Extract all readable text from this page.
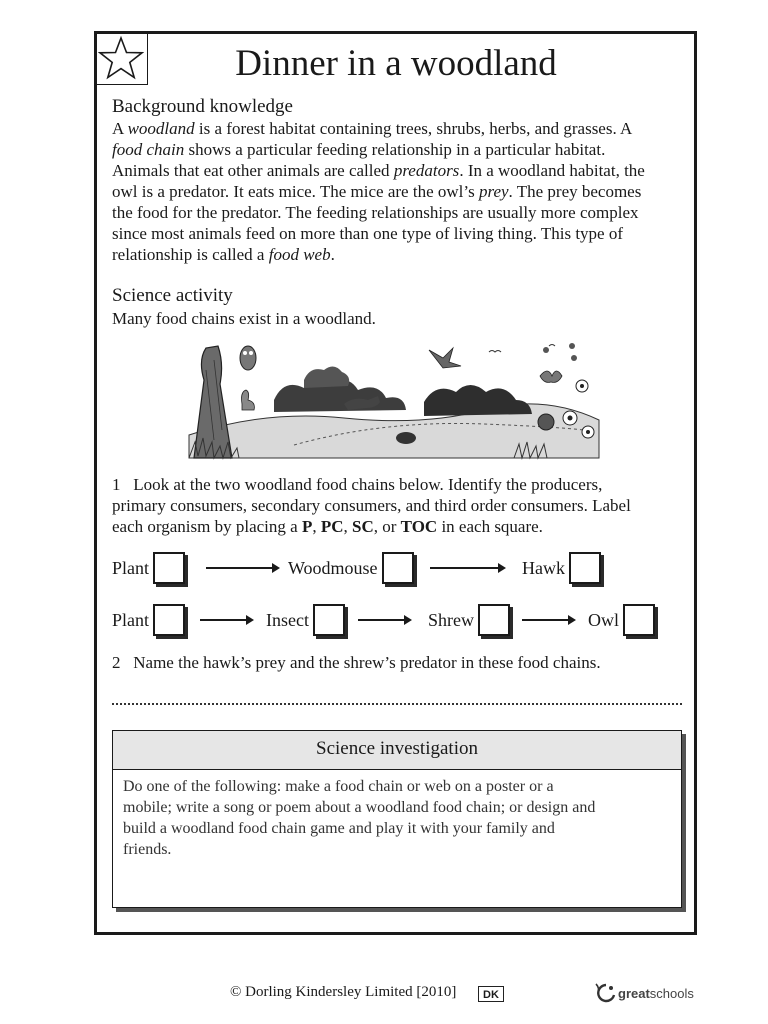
Dinner in a woodland
Background knowledge
A woodland is a forest habitat containing trees, shrubs, herbs, and grasses. A
food chain shows a particular feeding relationship in a particular habitat.
Animals that eat other animals are called predators. In a woodland habitat, the
owl is a predator. It eats mice. The mice are the owl’s prey. The prey becomes
the food for the predator. The feeding relationships are usually more complex
since most animals feed on more than one type of living thing. This type of
relationship is called a food web.
Science activity
Many food chains exist in a woodland.
1 Look at the two woodland food chains below. Identify the producers,
primary consumers, secondary consumers, and third order consumers. Label
each organism by placing a P, PC, SC, or TOC in each square.
Plant	Woodmouse	Hawk
Plant	Insect	Shrew	Owl
2 Name the hawk’s prey and the shrew’s predator in these food chains.
Science investigation
Do one of the following: make a food chain or web on a poster or a
mobile; write a song or poem about a woodland food chain; or design and
build a woodland food chain game and play it with your family and
friends.
© Dorling Kindersley Limited [2010]	DK	great schools
